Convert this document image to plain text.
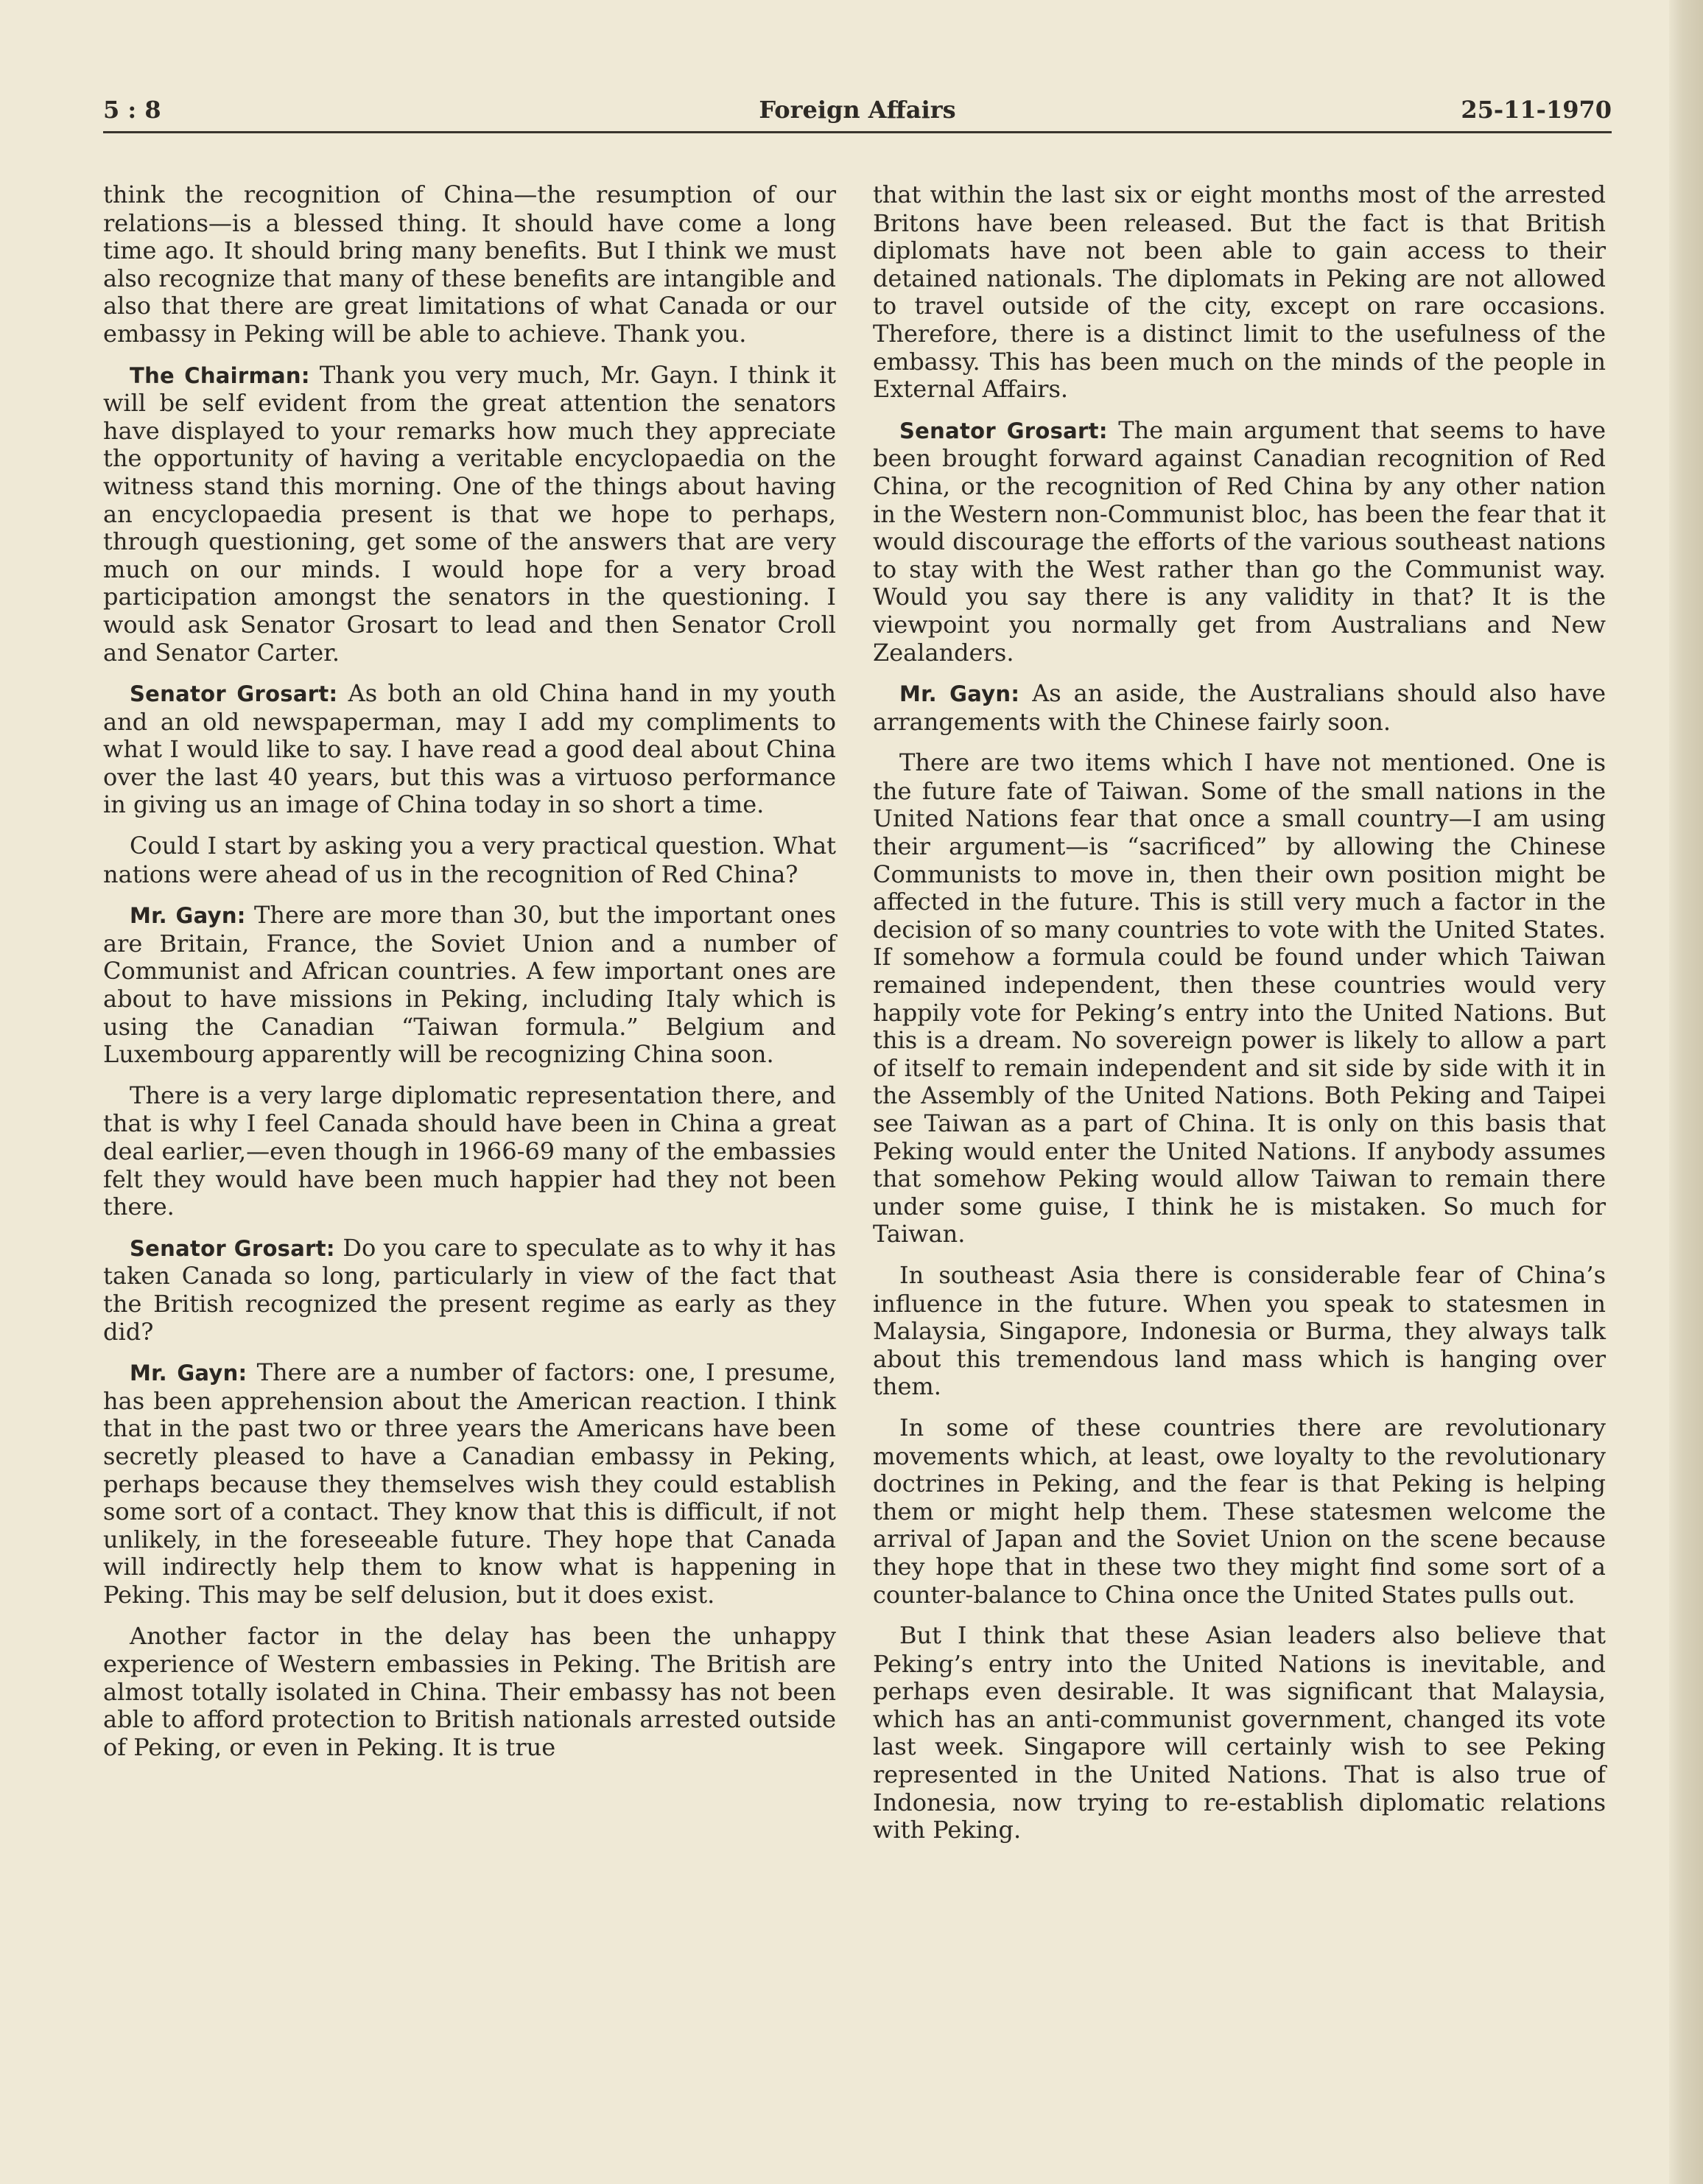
5 : 8	Foreign Affairs	25-11-1970

think the recognition of China—the resumption of our relations—is a blessed thing. It should have come a long time ago. It should bring many benefits. But I think we must also recognize that many of these benefits are intangible and also that there are great limitations of what Canada or our embassy in Peking will be able to achieve. Thank you.

The Chairman: Thank you very much, Mr. Gayn. I think it will be self evident from the great attention the senators have displayed to your remarks how much they appreciate the opportunity of having a veritable encyclopaedia on the witness stand this morning. One of the things about having an encyclopaedia present is that we hope to perhaps, through questioning, get some of the answers that are very much on our minds. I would hope for a very broad participation amongst the senators in the questioning. I would ask Senator Grosart to lead and then Senator Croll and Senator Carter.

Senator Grosart: As both an old China hand in my youth and an old newspaperman, may I add my compliments to what I would like to say. I have read a good deal about China over the last 40 years, but this was a virtuoso performance in giving us an image of China today in so short a time.

Could I start by asking you a very practical question. What nations were ahead of us in the recognition of Red China?

Mr. Gayn: There are more than 30, but the important ones are Britain, France, the Soviet Union and a number of Communist and African countries. A few important ones are about to have missions in Peking, including Italy which is using the Canadian “Taiwan formula.” Belgium and Luxembourg apparently will be recognizing China soon.

There is a very large diplomatic representation there, and that is why I feel Canada should have been in China a great deal earlier,—even though in 1966-69 many of the embassies felt they would have been much happier had they not been there.

Senator Grosart: Do you care to speculate as to why it has taken Canada so long, particularly in view of the fact that the British recognized the present regime as early as they did?

Mr. Gayn: There are a number of factors: one, I presume, has been apprehension about the American reaction. I think that in the past two or three years the Americans have been secretly pleased to have a Canadian embassy in Peking, perhaps because they themselves wish they could establish some sort of a contact. They know that this is difficult, if not unlikely, in the foreseeable future. They hope that Canada will indirectly help them to know what is happening in Peking. This may be self delusion, but it does exist.

Another factor in the delay has been the unhappy experience of Western embassies in Peking. The British are almost totally isolated in China. Their embassy has not been able to afford protection to British nationals arrested outside of Peking, or even in Peking. It is true

that within the last six or eight months most of the arrested Britons have been released. But the fact is that British diplomats have not been able to gain access to their detained nationals. The diplomats in Peking are not allowed to travel outside of the city, except on rare occasions. Therefore, there is a distinct limit to the usefulness of the embassy. This has been much on the minds of the people in External Affairs.

Senator Grosart: The main argument that seems to have been brought forward against Canadian recognition of Red China, or the recognition of Red China by any other nation in the Western non-Communist bloc, has been the fear that it would discourage the efforts of the various southeast nations to stay with the West rather than go the Communist way. Would you say there is any validity in that? It is the viewpoint you normally get from Australians and New Zealanders.

Mr. Gayn: As an aside, the Australians should also have arrangements with the Chinese fairly soon.

There are two items which I have not mentioned. One is the future fate of Taiwan. Some of the small nations in the United Nations fear that once a small country—I am using their argument—is “sacrificed” by allowing the Chinese Communists to move in, then their own position might be affected in the future. This is still very much a factor in the decision of so many countries to vote with the United States. If somehow a formula could be found under which Taiwan remained independent, then these countries would very happily vote for Peking’s entry into the United Nations. But this is a dream. No sovereign power is likely to allow a part of itself to remain independent and sit side by side with it in the Assembly of the United Nations. Both Peking and Taipei see Taiwan as a part of China. It is only on this basis that Peking would enter the United Nations. If anybody assumes that somehow Peking would allow Taiwan to remain there under some guise, I think he is mistaken. So much for Taiwan.

In southeast Asia there is considerable fear of China’s influence in the future. When you speak to statesmen in Malaysia, Singapore, Indonesia or Burma, they always talk about this tremendous land mass which is hanging over them.

In some of these countries there are revolutionary movements which, at least, owe loyalty to the revolutionary doctrines in Peking, and the fear is that Peking is helping them or might help them. These statesmen welcome the arrival of Japan and the Soviet Union on the scene because they hope that in these two they might find some sort of a counter-balance to China once the United States pulls out.

But I think that these Asian leaders also believe that Peking’s entry into the United Nations is inevitable, and perhaps even desirable. It was significant that Malaysia, which has an anti-communist government, changed its vote last week. Singapore will certainly wish to see Peking represented in the United Nations. That is also true of Indonesia, now trying to re-establish diplomatic relations with Peking.
